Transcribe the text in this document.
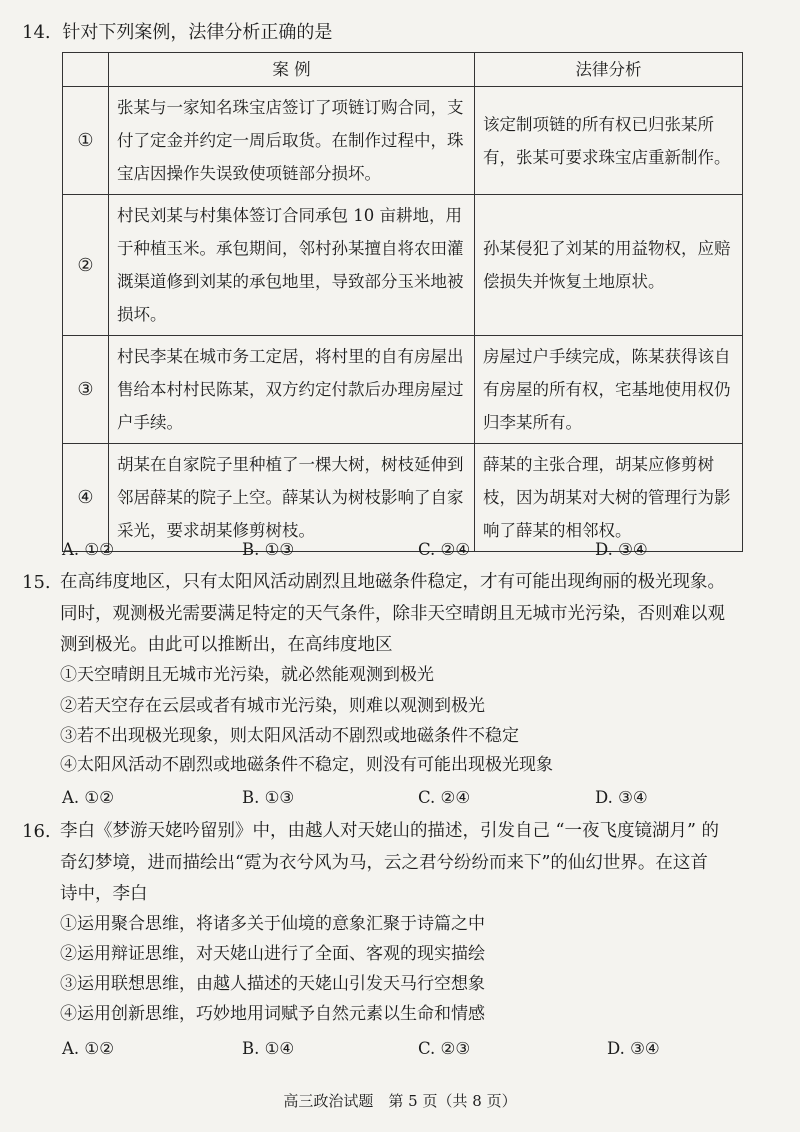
14. 针对下列案例，法律分析正确的是
	案 例	法律分析
①	张某与一家知名珠宝店签订了项链订购合同，支付了定金并约定一周后取货。在制作过程中，珠宝店因操作失误致使项链部分损坏。	该定制项链的所有权已归张某所有，张某可要求珠宝店重新制作。
②	村民刘某与村集体签订合同承包 10 亩耕地，用于种植玉米。承包期间，邻村孙某擅自将农田灌溉渠道修到刘某的承包地里，导致部分玉米地被损坏。	孙某侵犯了刘某的用益物权，应赔偿损失并恢复土地原状。
③	村民李某在城市务工定居，将村里的自有房屋出售给本村村民陈某，双方约定付款后办理房屋过户手续。	房屋过户手续完成，陈某获得该自有房屋的所有权，宅基地使用权仍归李某所有。
④	胡某在自家院子里种植了一棵大树，树枝延伸到邻居薛某的院子上空。薛某认为树枝影响了自家采光，要求胡某修剪树枝。	薛某的主张合理，胡某应修剪树枝，因为胡某对大树的管理行为影响了薛某的相邻权。
A. ①②	B. ①③	C. ②④	D. ③④
15. 在高纬度地区，只有太阳风活动剧烈且地磁条件稳定，才有可能出现绚丽的极光现象。

同时，观测极光需要满足特定的天气条件，除非天空晴朗且无城市光污染，否则难以观

测到极光。由此可以推断出，在高纬度地区

①天空晴朗且无城市光污染，就必然能观测到极光
②若天空存在云层或者有城市光污染，则难以观测到极光
③若不出现极光现象，则太阳风活动不剧烈或地磁条件不稳定
④太阳风活动不剧烈或地磁条件不稳定，则没有可能出现极光现象
A. ①②	B. ①③	C. ②④	D. ③④
16. 李白《梦游天姥吟留别》中，由越人对天姥山的描述，引发自己 “一夜飞度镜湖月” 的

奇幻梦境，进而描绘出“霓为衣兮风为马，云之君兮纷纷而来下”的仙幻世界。在这首

诗中，李白

①运用聚合思维，将诸多关于仙境的意象汇聚于诗篇之中
②运用辩证思维，对天姥山进行了全面、客观的现实描绘
③运用联想思维，由越人描述的天姥山引发天马行空想象
④运用创新思维，巧妙地用词赋予自然元素以生命和情感
A. ①②	B. ①④	C. ②③	D. ③④
高三政治试题　第 5 页（共 8 页）
